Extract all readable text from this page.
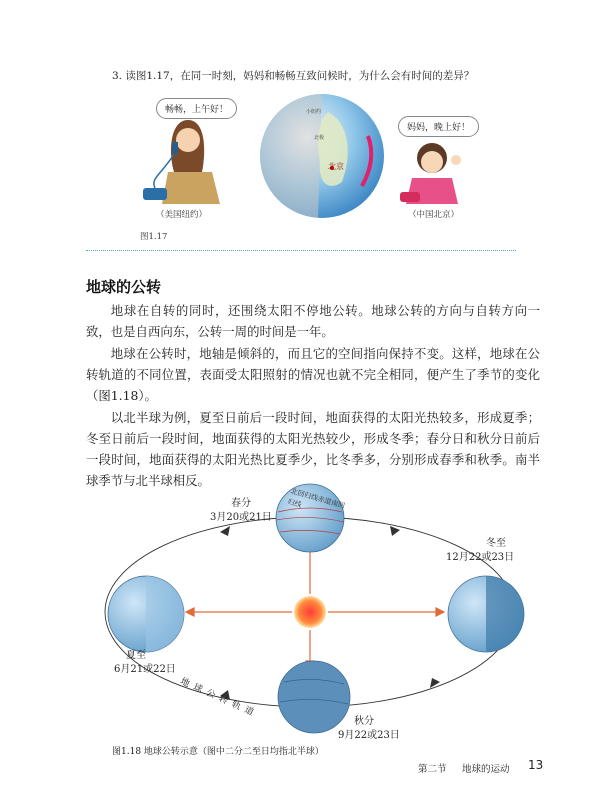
3. 读图1.17，在同一时刻，妈妈和畅畅互致问候时，为什么会有时间的差异？
畅畅，上午好！
（美国纽约）
图1.17
北京
小纽约
北极
妈妈，晚上好！
（中国北京）
地球的公转
地球在自转的同时，还围绕太阳不停地公转。地球公转的方向与自转方向一致，也是自西向东，公转一周的时间是一年。
地球在公转时，地轴是倾斜的，而且它的空间指向保持不变。这样，地球在公转轨道的不同位置，表面受太阳照射的情况也就不完全相同，便产生了季节的变化（图1.18）。
以北半球为例，夏至日前后一段时间，地面获得的太阳光热较多，形成夏季；冬至日前后一段时间，地面获得的太阳光热较少，形成冬季；春分日和秋分日前后一段时间，地面获得的太阳光热比夏季少，比冬季多，分别形成春季和秋季。南半球季节与北半球相反。
春分
3月20或21日
冬至
12月22或23日
夏至
6月21或22日
秋分
9月22或23日
地球公转轨道
北回归线赤道南回归线
图1.18 地球公转示意（图中二分二至日均指北半球）
第二节 地球的运动 13
